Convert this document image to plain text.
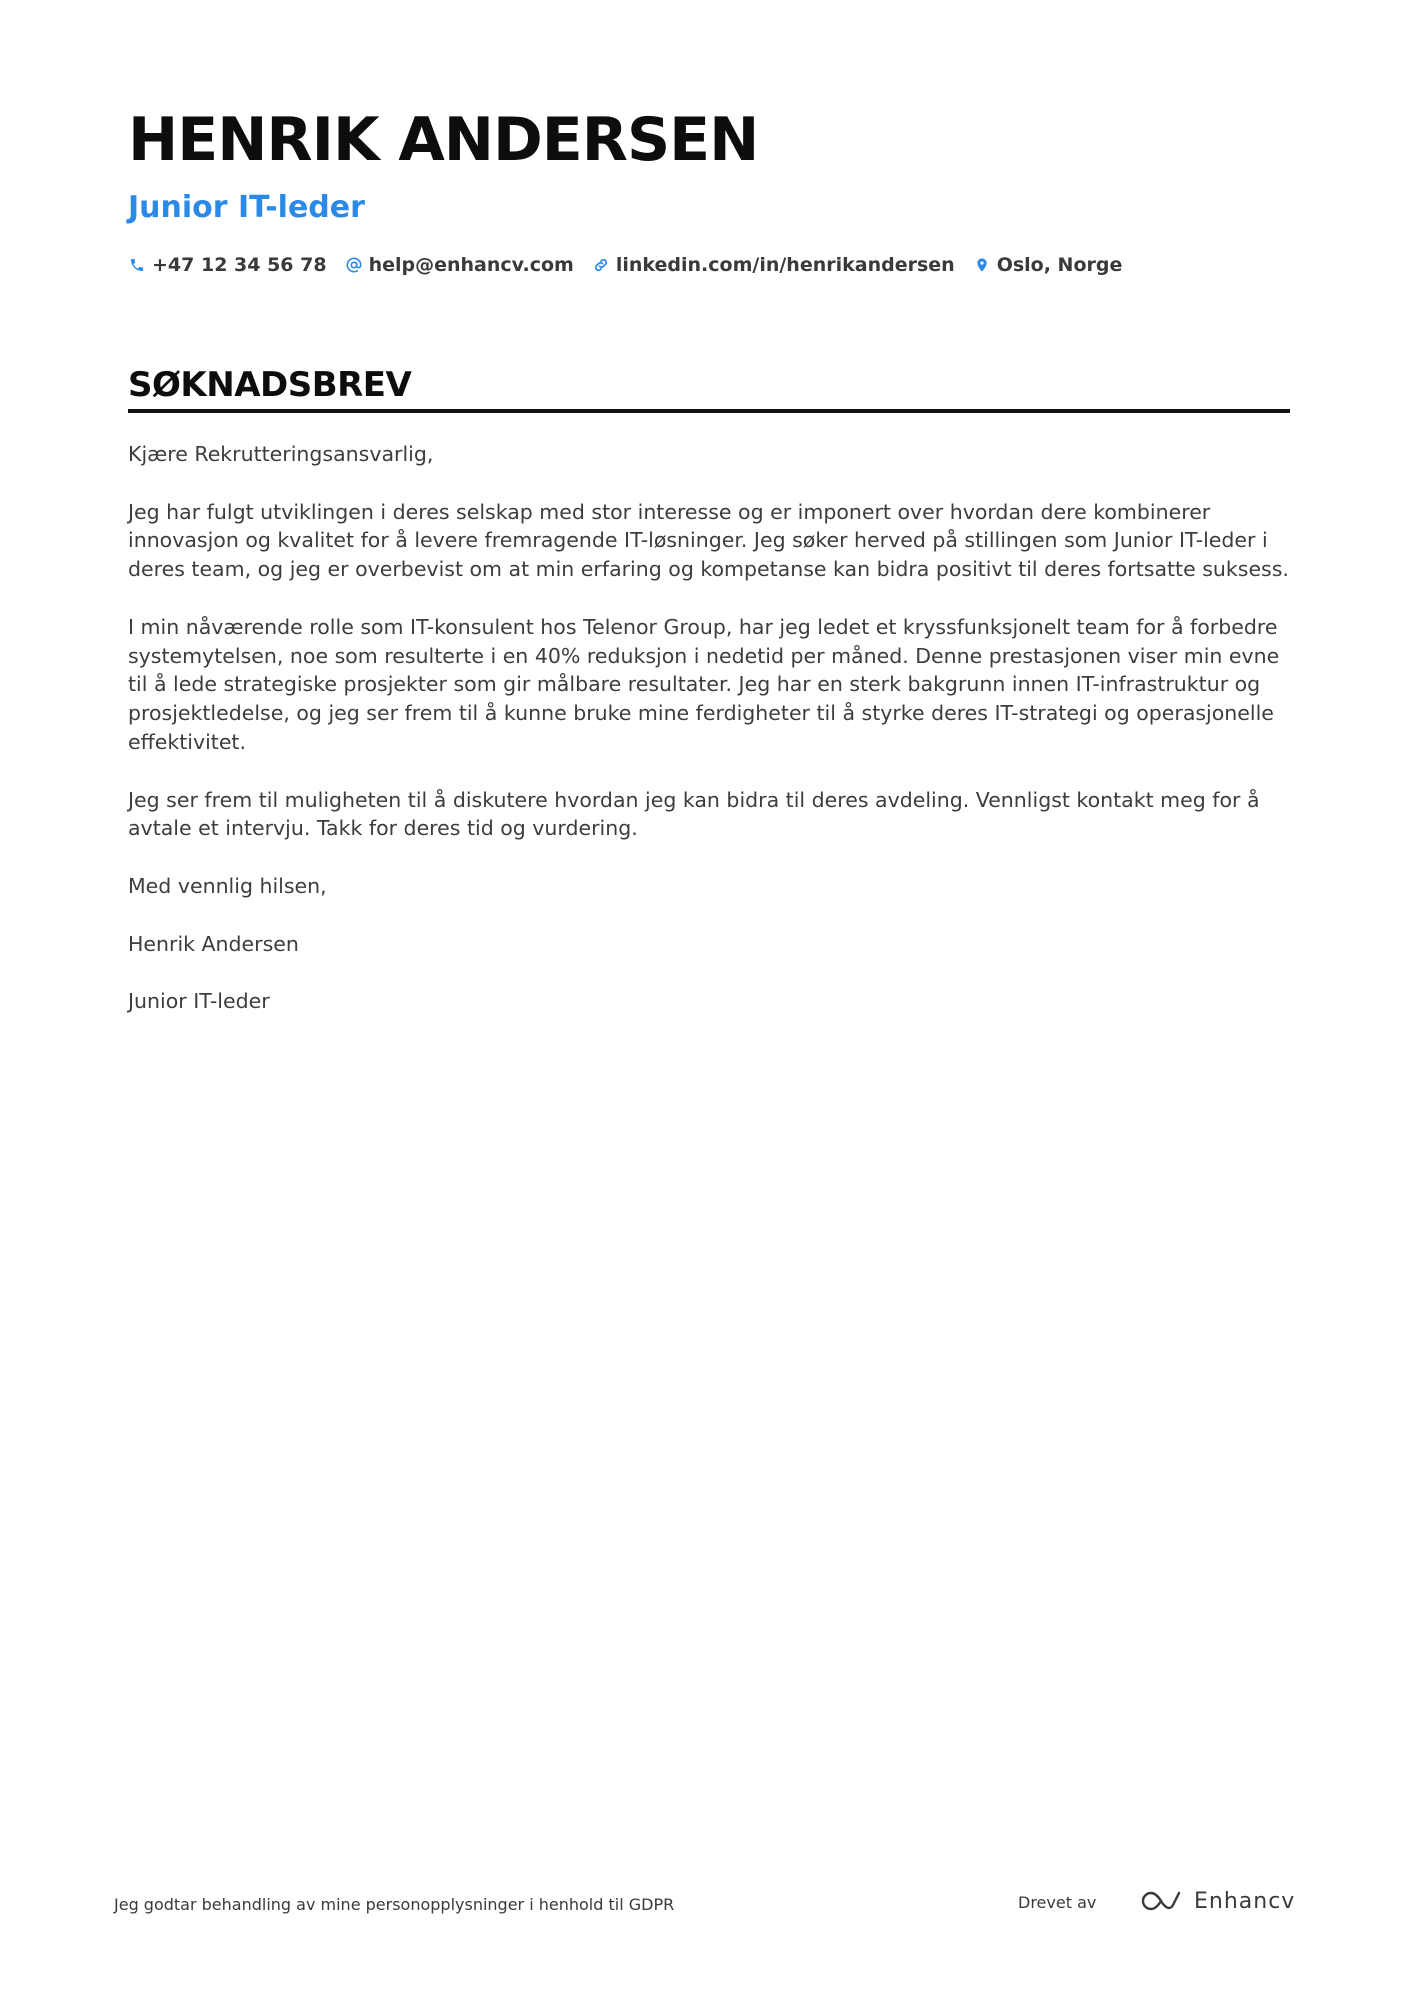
HENRIK ANDERSEN
Junior IT-leder
+47 12 34 56 78 help@enhancv.com linkedin.com/in/henrikandersen Oslo, Norge
SØKNADSBREV

Kjære Rekrutteringsansvarlig,

Jeg har fulgt utviklingen i deres selskap med stor interesse og er imponert over hvordan dere kombinerer innovasjon og kvalitet for å levere fremragende IT-løsninger. Jeg søker herved på stillingen som Junior IT-leder i deres team, og jeg er overbevist om at min erfaring og kompetanse kan bidra positivt til deres fortsatte suksess.

I min nåværende rolle som IT-konsulent hos Telenor Group, har jeg ledet et kryssfunksjonelt team for å forbedre systemytelsen, noe som resulterte i en 40% reduksjon i nedetid per måned. Denne prestasjonen viser min evne til å lede strategiske prosjekter som gir målbare resultater. Jeg har en sterk bakgrunn innen IT-infrastruktur og prosjektledelse, og jeg ser frem til å kunne bruke mine ferdigheter til å styrke deres IT-strategi og operasjonelle effektivitet.

Jeg ser frem til muligheten til å diskutere hvordan jeg kan bidra til deres avdeling. Vennligst kontakt meg for å avtale et intervju. Takk for deres tid og vurdering.

Med vennlig hilsen,

Henrik Andersen

Junior IT-leder

Jeg godtar behandling av mine personopplysninger i henhold til GDPR	Drevet av	Enhancv
